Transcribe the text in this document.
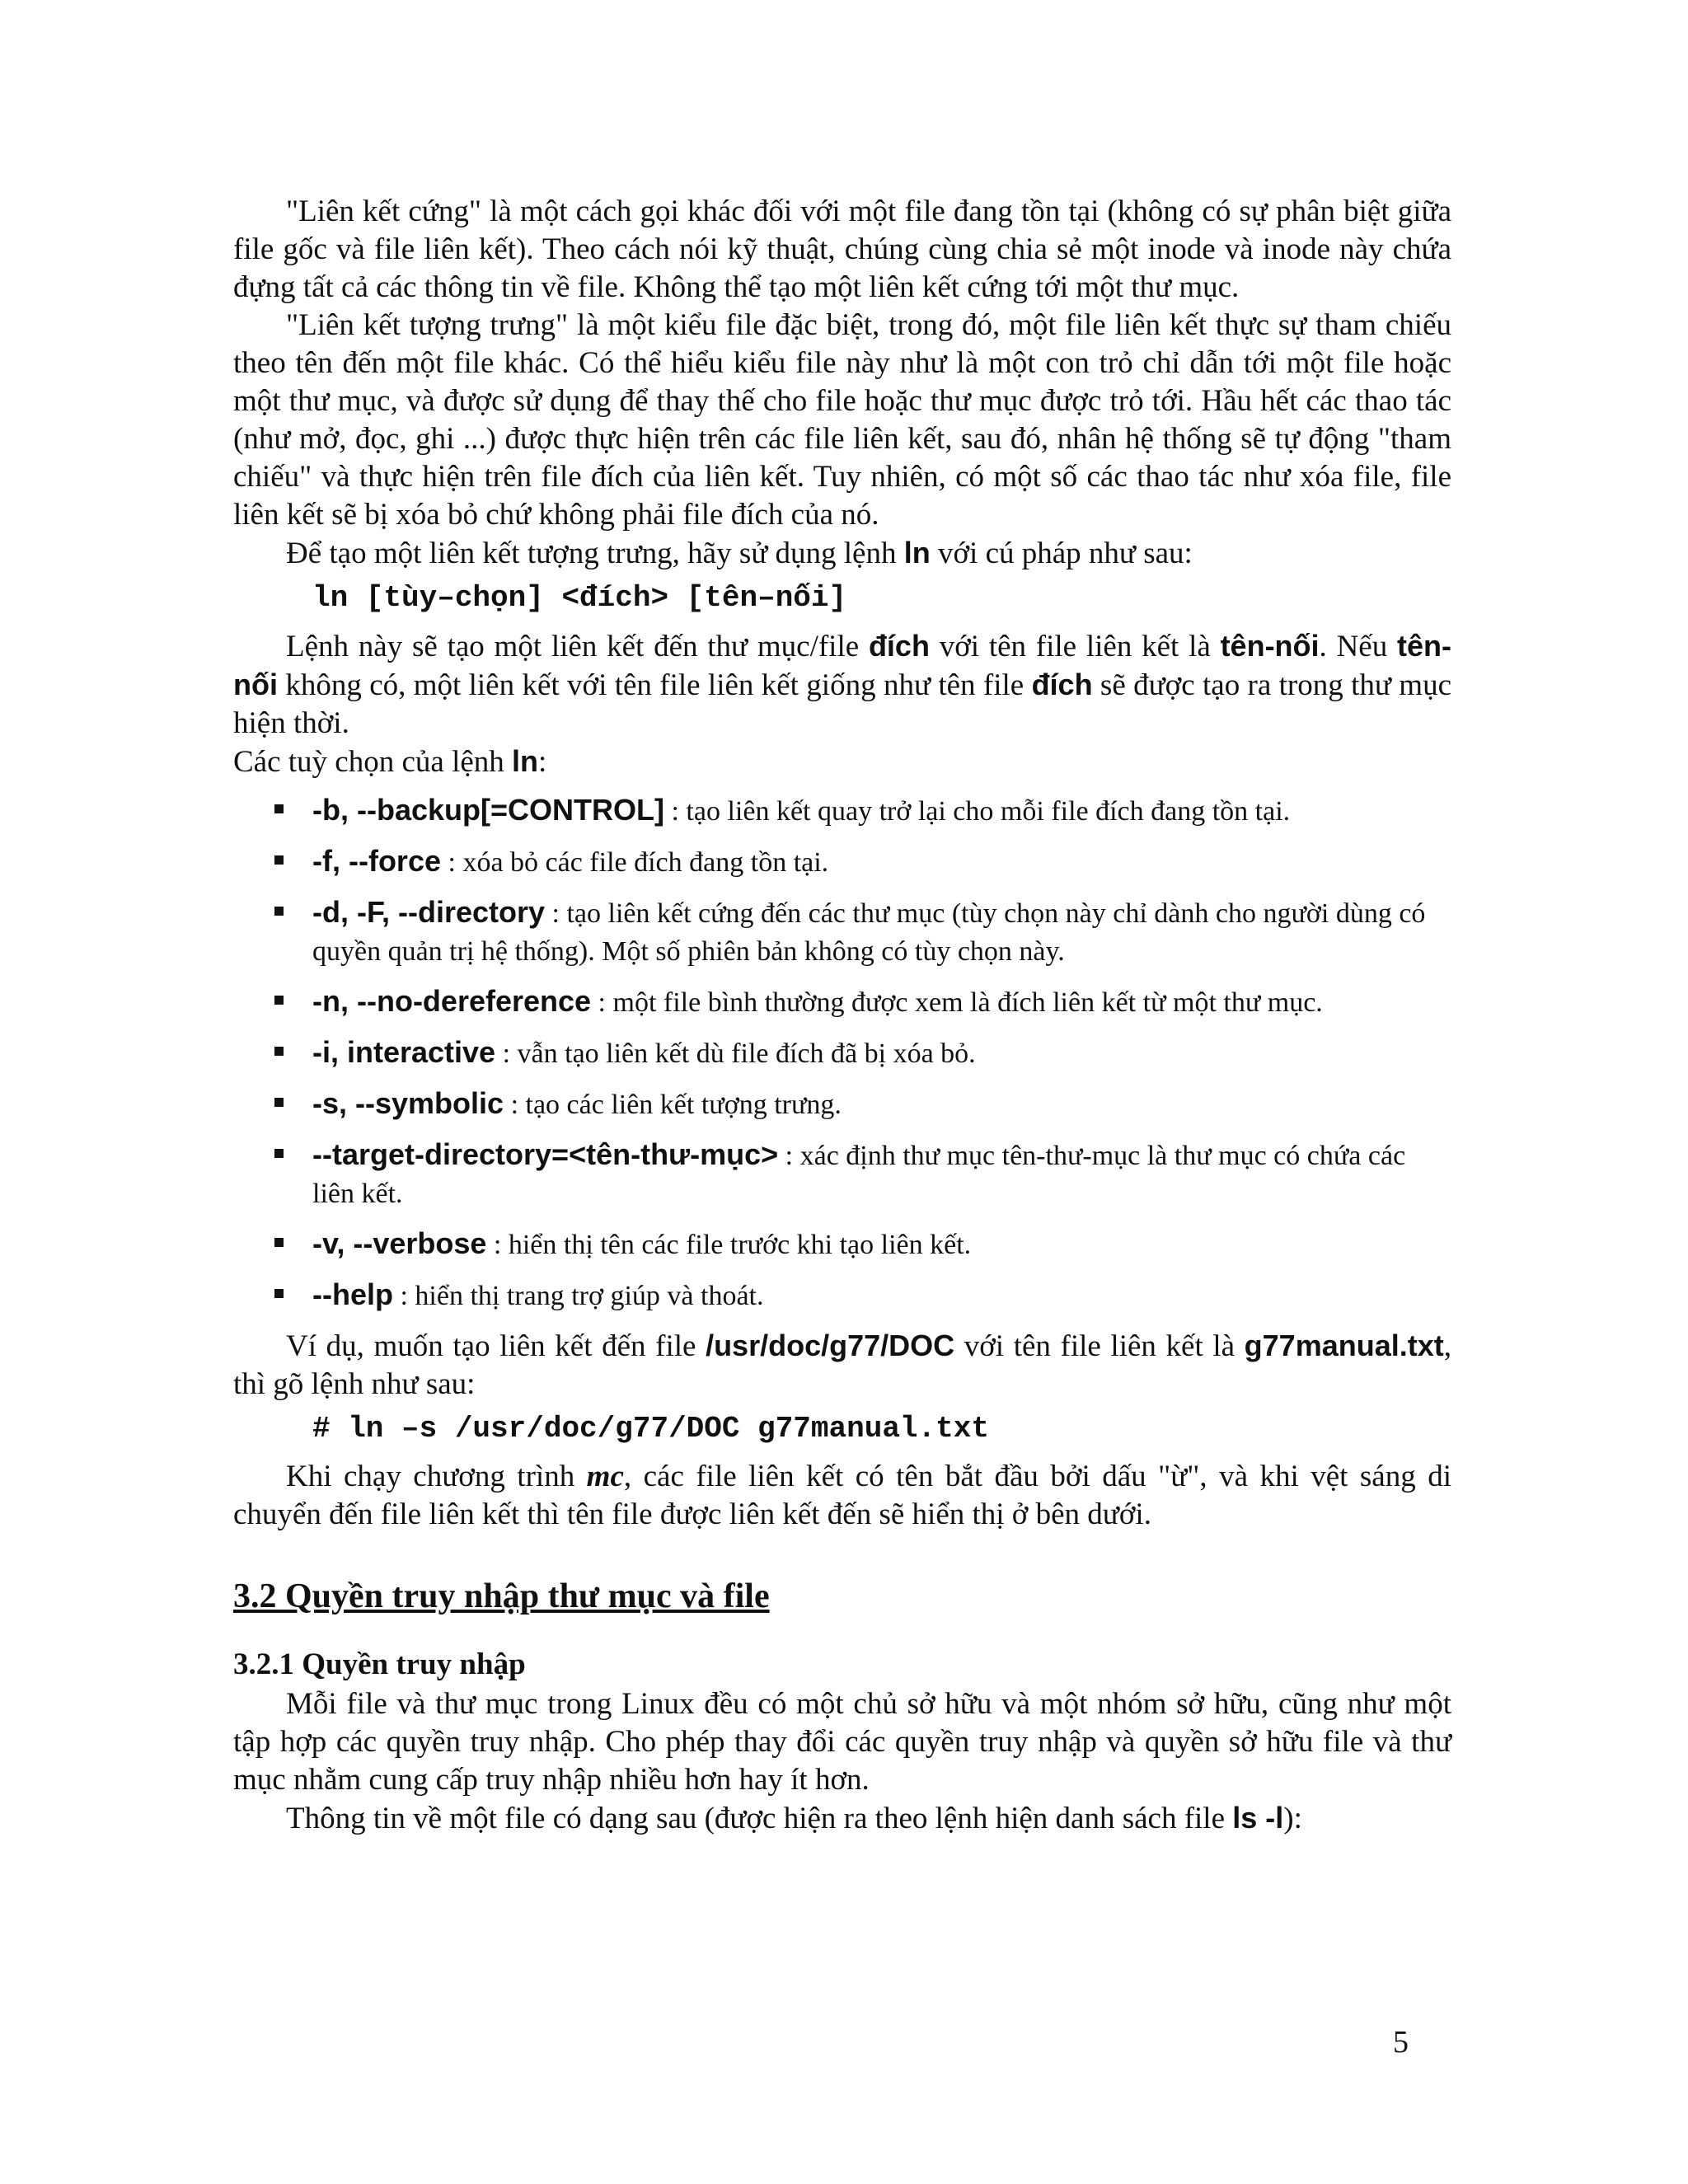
"Liên kết cứng" là một cách gọi khác đối với một file đang tồn tại (không có sự phân biệt giữa file gốc và file liên kết). Theo cách nói kỹ thuật, chúng cùng chia sẻ một inode và inode này chứa đựng tất cả các thông tin về file. Không thể tạo một liên kết cứng tới một thư mục.

"Liên kết tượng trưng" là một kiểu file đặc biệt, trong đó, một file liên kết thực sự tham chiếu theo tên đến một file khác. Có thể hiểu kiểu file này như là một con trỏ chỉ dẫn tới một file hoặc một thư mục, và được sử dụng để thay thế cho file hoặc thư mục được trỏ tới. Hầu hết các thao tác (như mở, đọc, ghi ...) được thực hiện trên các file liên kết, sau đó, nhân hệ thống sẽ tự động "tham chiếu" và thực hiện trên file đích của liên kết. Tuy nhiên, có một số các thao tác như xóa file, file liên kết sẽ bị xóa bỏ chứ không phải file đích của nó.

Để tạo một liên kết tượng trưng, hãy sử dụng lệnh ln với cú pháp như sau:

ln [tùy–chọn] <đích> [tên–nối]

Lệnh này sẽ tạo một liên kết đến thư mục/file đích với tên file liên kết là tên-nối. Nếu tên-nối không có, một liên kết với tên file liên kết giống như tên file đích sẽ được tạo ra trong thư mục hiện thời.

Các tuỳ chọn của lệnh ln:

-b, --backup[=CONTROL] : tạo liên kết quay trở lại cho mỗi file đích đang tồn tại.
-f, --force : xóa bỏ các file đích đang tồn tại.
-d, -F, --directory : tạo liên kết cứng đến các thư mục (tùy chọn này chỉ dành cho người dùng có quyền quản trị hệ thống). Một số phiên bản không có tùy chọn này.
-n, --no-dereference : một file bình thường được xem là đích liên kết từ một thư mục.
-i, interactive : vẫn tạo liên kết dù file đích đã bị xóa bỏ.
-s, --symbolic : tạo các liên kết tượng trưng.
--target-directory=<tên-thư-mục> : xác định thư mục tên-thư-mục là thư mục có chứa các liên kết.
-v, --verbose : hiển thị tên các file trước khi tạo liên kết.
--help : hiển thị trang trợ giúp và thoát.

Ví dụ, muốn tạo liên kết đến file /usr/doc/g77/DOC với tên file liên kết là g77manual.txt, thì gõ lệnh như sau:

# ln –s /usr/doc/g77/DOC g77manual.txt

Khi chạy chương trình mc, các file liên kết có tên bắt đầu bởi dấu "ừ", và khi vệt sáng di chuyển đến file liên kết thì tên file được liên kết đến sẽ hiển thị ở bên dưới.

3.2 Quyền truy nhập thư mục và file
3.2.1 Quyền truy nhập

Mỗi file và thư mục trong Linux đều có một chủ sở hữu và một nhóm sở hữu, cũng như một tập hợp các quyền truy nhập. Cho phép thay đổi các quyền truy nhập và quyền sở hữu file và thư mục nhằm cung cấp truy nhập nhiều hơn hay ít hơn.

Thông tin về một file có dạng sau (được hiện ra theo lệnh hiện danh sách file ls -l):

5
